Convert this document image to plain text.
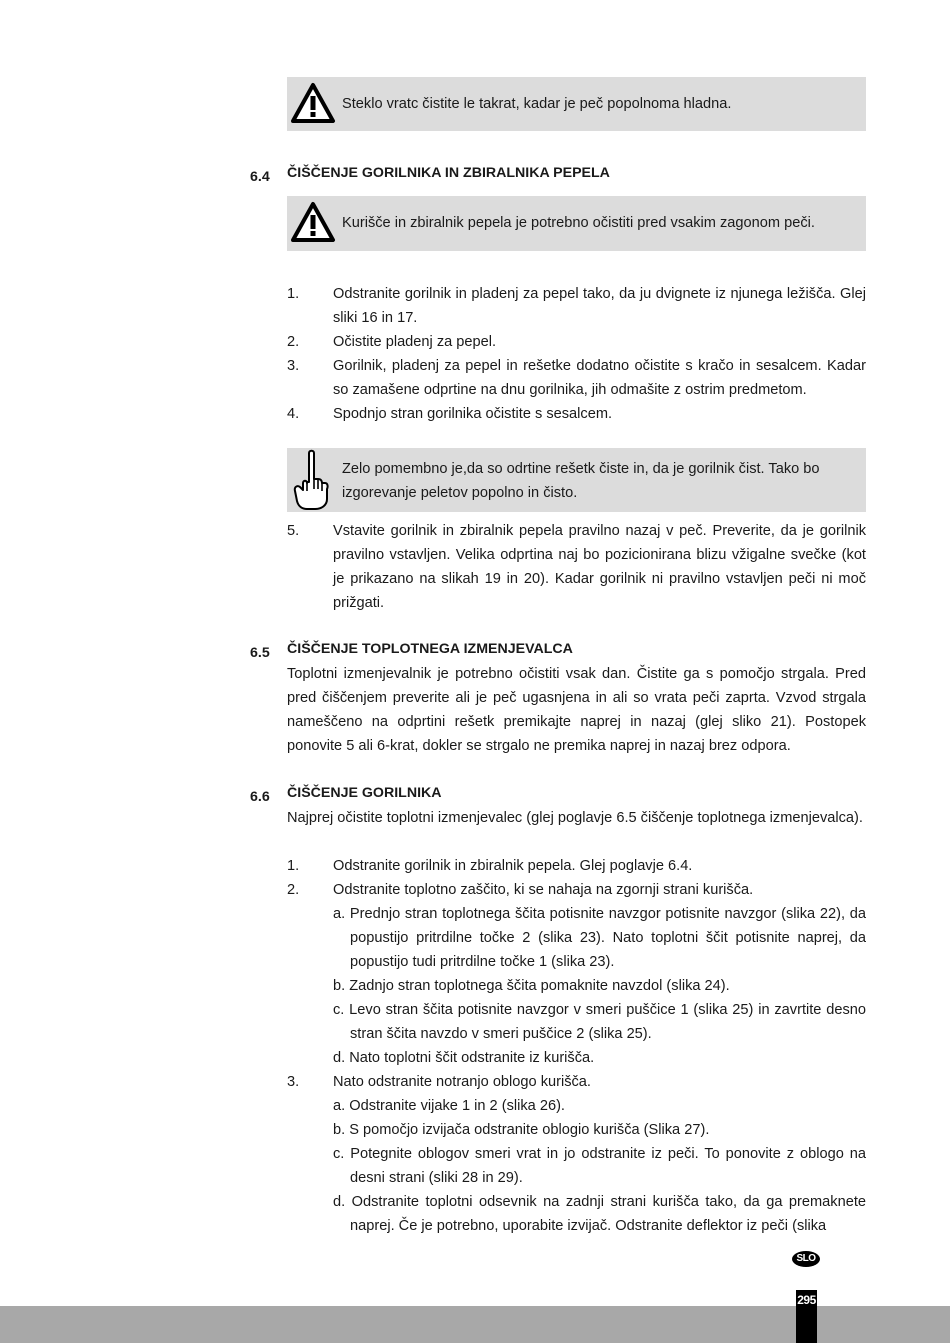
Steklo vratc čistite le takrat, kadar je peč popolnoma hladna.
6.4 ČIŠČENJE GORILNIKA IN ZBIRALNIKA PEPELA
Kurišče in zbiralnik pepela je potrebno očistiti pred vsakim zagonom peči.
1. Odstranite gorilnik in pladenj za pepel tako, da ju dvignete iz njunega ležišča. Glej sliki 16 in 17.
2. Očistite pladenj za pepel.
3. Gorilnik, pladenj za pepel in rešetke dodatno očistite s kračo in sesalcem. Kadar so zamašene odprtine na dnu gorilnika, jih odmašite z ostrim predmetom.
4. Spodnjo stran gorilnika očistite s sesalcem.
Zelo pomembno je,da so odrtine rešetk čiste in, da je gorilnik čist. Tako bo izgorevanje peletov popolno in čisto.
5. Vstavite gorilnik in zbiralnik pepela pravilno nazaj v peč. Preverite, da je gorilnik pravilno vstavljen. Velika odprtina naj bo pozicionirana blizu vžigalne svečke (kot je prikazano na slikah 19 in 20). Kadar gorilnik ni pravilno vstavljen peči ni moč prižgati.
6.5 ČIŠČENJE TOPLOTNEGA IZMENJEVALCA
Toplotni izmenjevalnik je potrebno očistiti vsak dan. Čistite ga s pomočjo strgala. Pred pred čiščenjem preverite ali je peč ugasnjena in ali so vrata peči zaprta. Vzvod strgala nameščeno na odprtini rešetk premikajte naprej in nazaj (glej sliko 21). Postopek ponovite 5 ali 6-krat, dokler se strgalo ne premika naprej in nazaj brez odpora.
6.6 ČIŠČENJE GORILNIKA
Najprej očistite toplotni izmenjevalec (glej poglavje 6.5 čiščenje toplotnega izmenjevalca).
1. Odstranite gorilnik in zbiralnik pepela. Glej poglavje 6.4.
2. Odstranite toplotno zaščito, ki se nahaja na zgornji strani kurišča.
a. Prednjo stran toplotnega ščita potisnite navzgor potisnite navzgor (slika 22), da popustijo pritrdilne točke 2 (slika 23). Nato toplotni ščit potisnite naprej, da popustijo tudi pritrdilne točke 1 (slika 23).
b. Zadnjo stran toplotnega ščita pomaknite navzdol (slika 24).
c. Levo stran ščita potisnite navzgor v smeri puščice 1 (slika 25) in zavrtite desno stran ščita navzdo v smeri puščice 2 (slika 25).
d. Nato toplotni ščit odstranite iz kurišča.
3. Nato odstranite notranjo oblogo kurišča.
a. Odstranite vijake 1 in 2 (slika 26).
b. S pomočjo izvijača odstranite oblogio kurišča (Slika 27).
c. Potegnite oblogov smeri vrat in jo odstranite iz peči. To ponovite z oblogo na desni strani (sliki 28 in 29).
d. Odstranite toplotni odsevnik na zadnji strani kurišča tako, da ga premaknete naprej. Če je potrebno, uporabite izvijač. Odstranite deflektor iz peči (slika
SLO
295
